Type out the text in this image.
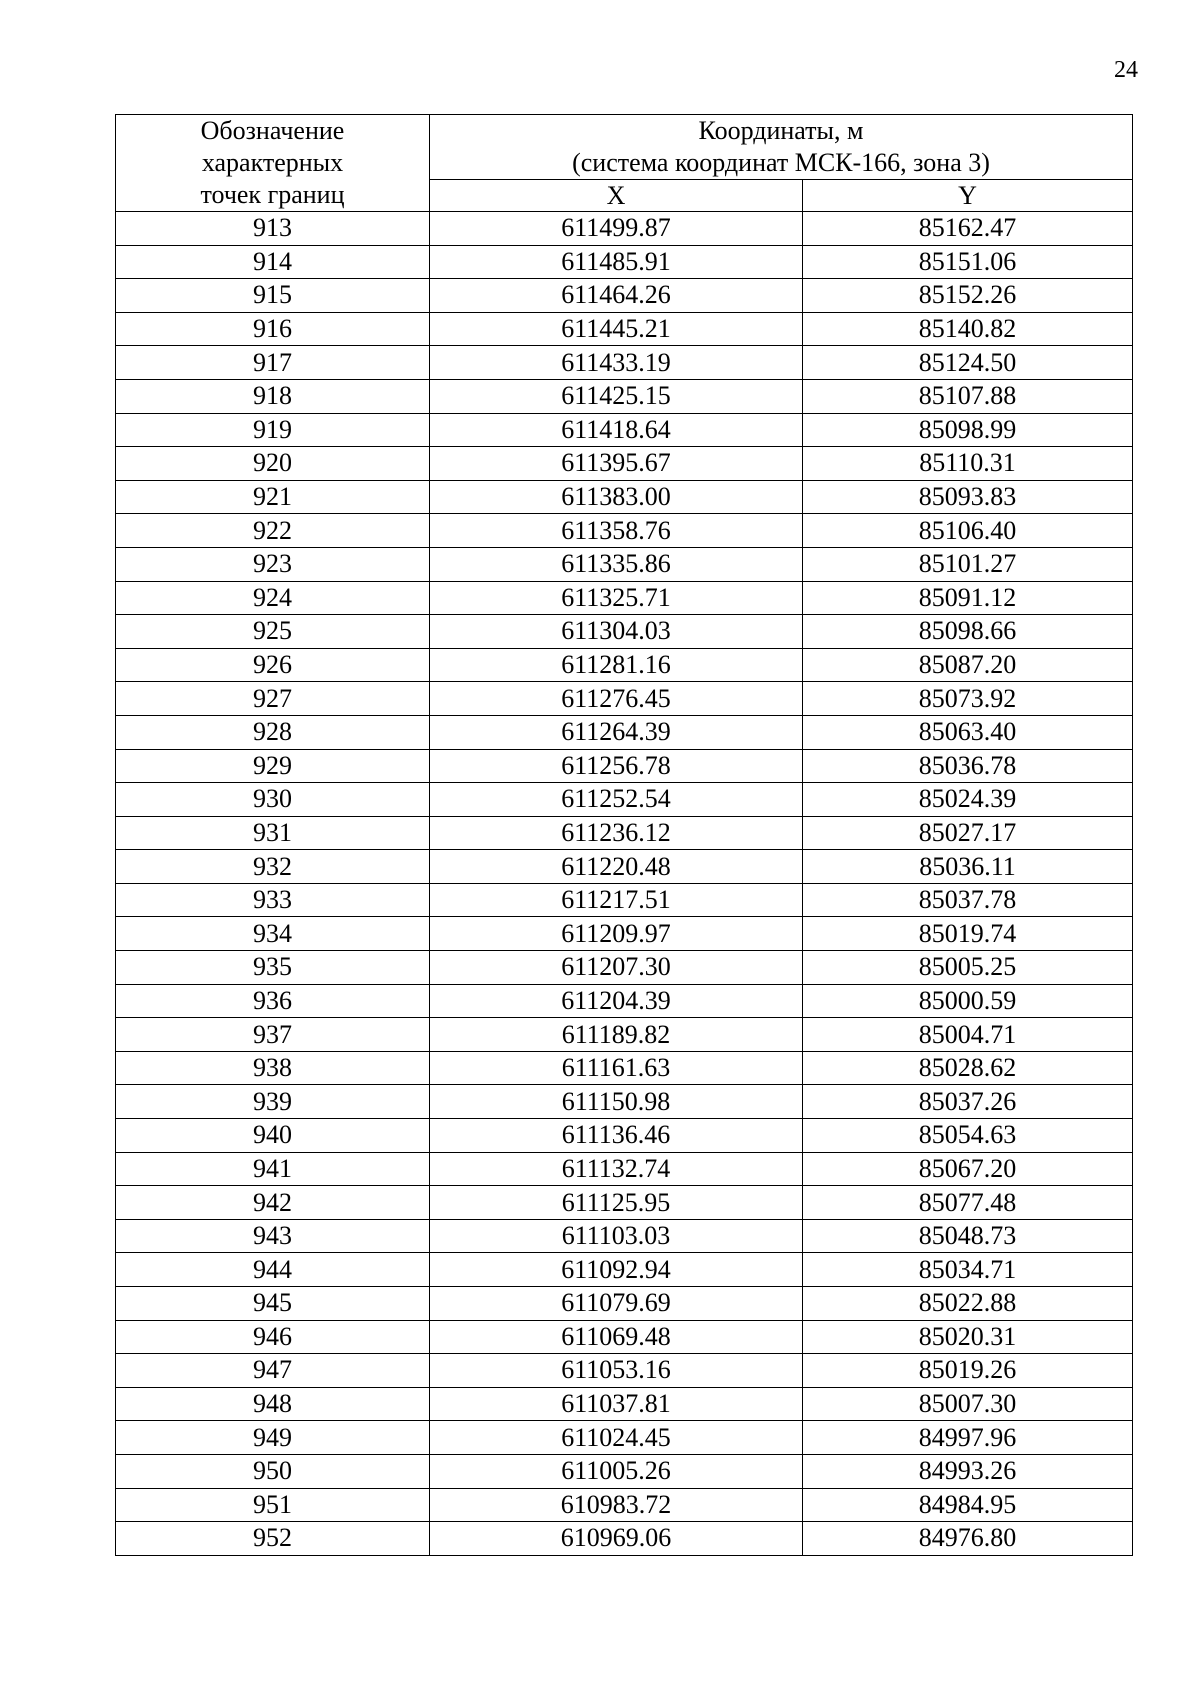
24
Обозначение
характерных
точек границ	Координаты, м
(система координат МСК-166, зона 3)	

	X	Y
913	611499.87	85162.47
914	611485.91	85151.06
915	611464.26	85152.26
916	611445.21	85140.82
917	611433.19	85124.50
918	611425.15	85107.88
919	611418.64	85098.99
920	611395.67	85110.31
921	611383.00	85093.83
922	611358.76	85106.40
923	611335.86	85101.27
924	611325.71	85091.12
925	611304.03	85098.66
926	611281.16	85087.20
927	611276.45	85073.92
928	611264.39	85063.40
929	611256.78	85036.78
930	611252.54	85024.39
931	611236.12	85027.17
932	611220.48	85036.11
933	611217.51	85037.78
934	611209.97	85019.74
935	611207.30	85005.25
936	611204.39	85000.59
937	611189.82	85004.71
938	611161.63	85028.62
939	611150.98	85037.26
940	611136.46	85054.63
941	611132.74	85067.20
942	611125.95	85077.48
943	611103.03	85048.73
944	611092.94	85034.71
945	611079.69	85022.88
946	611069.48	85020.31
947	611053.16	85019.26
948	611037.81	85007.30
949	611024.45	84997.96
950	611005.26	84993.26
951	610983.72	84984.95
952	610969.06	84976.80
